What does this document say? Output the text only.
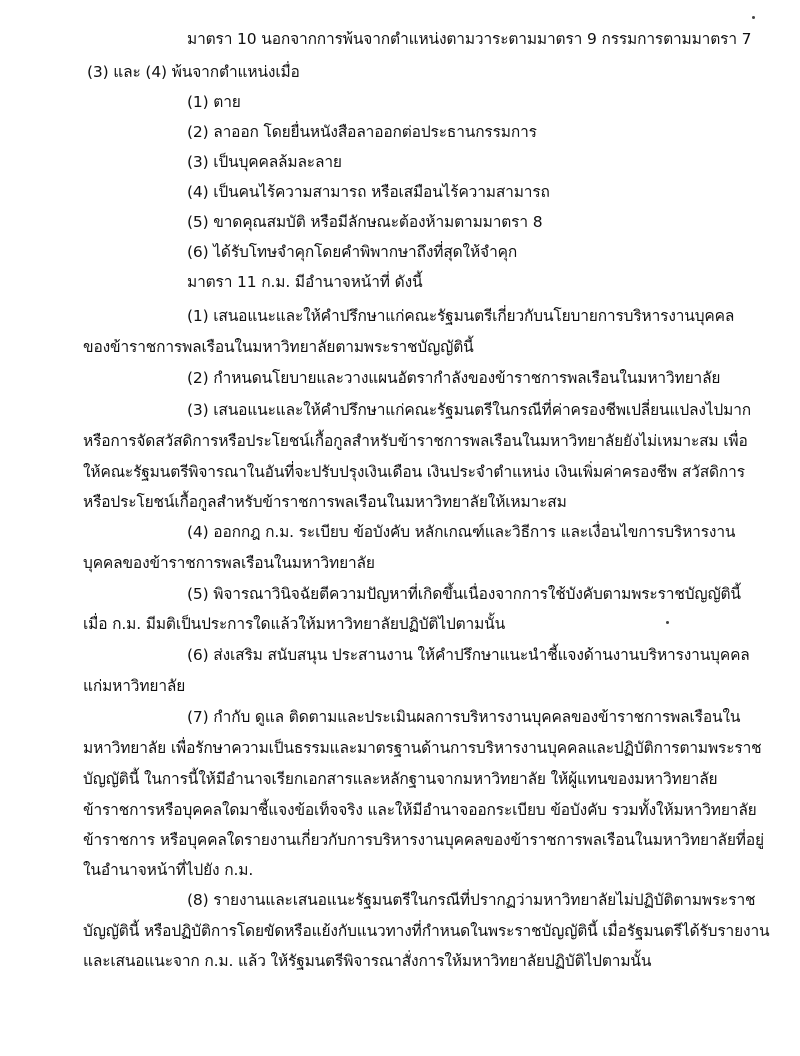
มาตรา 10 นอกจากการพ้นจากตำแหน่งตามวาระตามมาตรา 9 กรรมการตามมาตรา 7
(3) และ (4) พ้นจากตำแหน่งเมื่อ
(1) ตาย
(2) ลาออก โดยยื่นหนังสือลาออกต่อประธานกรรมการ
(3) เป็นบุคคลล้มละลาย
(4) เป็นคนไร้ความสามารถ หรือเสมือนไร้ความสามารถ
(5) ขาดคุณสมบัติ หรือมีลักษณะต้องห้ามตามมาตรา 8
(6) ได้รับโทษจำคุกโดยคำพิพากษาถึงที่สุดให้จำคุก
มาตรา 11 ก.ม. มีอำนาจหน้าที่ ดังนี้
(1) เสนอแนะและให้คำปรึกษาแก่คณะรัฐมนตรีเกี่ยวกับนโยบายการบริหารงานบุคคล
ของข้าราชการพลเรือนในมหาวิทยาลัยตามพระราชบัญญัตินี้
(2) กำหนดนโยบายและวางแผนอัตรากำลังของข้าราชการพลเรือนในมหาวิทยาลัย
(3) เสนอแนะและให้คำปรึกษาแก่คณะรัฐมนตรีในกรณีที่ค่าครองชีพเปลี่ยนแปลงไปมาก
หรือการจัดสวัสดิการหรือประโยชน์เกื้อกูลสำหรับข้าราชการพลเรือนในมหาวิทยาลัยยังไม่เหมาะสม เพื่อ
ให้คณะรัฐมนตรีพิจารณาในอันที่จะปรับปรุงเงินเดือน เงินประจำตำแหน่ง เงินเพิ่มค่าครองชีพ สวัสดิการ
หรือประโยชน์เกื้อกูลสำหรับข้าราชการพลเรือนในมหาวิทยาลัยให้เหมาะสม
(4) ออกกฎ ก.ม. ระเบียบ ข้อบังคับ หลักเกณฑ์และวิธีการ และเงื่อนไขการบริหารงาน
บุคคลของข้าราชการพลเรือนในมหาวิทยาลัย
(5) พิจารณาวินิจฉัยตีความปัญหาที่เกิดขึ้นเนื่องจากการใช้บังคับตามพระราชบัญญัตินี้
เมื่อ ก.ม. มีมติเป็นประการใดแล้วให้มหาวิทยาลัยปฏิบัติไปตามนั้น
(6) ส่งเสริม สนับสนุน ประสานงาน ให้คำปรึกษาแนะนำชี้แจงด้านงานบริหารงานบุคคล
แก่มหาวิทยาลัย
(7) กำกับ ดูแล ติดตามและประเมินผลการบริหารงานบุคคลของข้าราชการพลเรือนใน
มหาวิทยาลัย เพื่อรักษาความเป็นธรรมและมาตรฐานด้านการบริหารงานบุคคลและปฏิบัติการตามพระราช
บัญญัตินี้ ในการนี้ให้มีอำนาจเรียกเอกสารและหลักฐานจากมหาวิทยาลัย ให้ผู้แทนของมหาวิทยาลัย
ข้าราชการหรือบุคคลใดมาชี้แจงข้อเท็จจริง และให้มีอำนาจออกระเบียบ ข้อบังคับ รวมทั้งให้มหาวิทยาลัย
ข้าราชการ หรือบุคคลใดรายงานเกี่ยวกับการบริหารงานบุคคลของข้าราชการพลเรือนในมหาวิทยาลัยที่อยู่
ในอำนาจหน้าที่ไปยัง ก.ม.
(8) รายงานและเสนอแนะรัฐมนตรีในกรณีที่ปรากฏว่ามหาวิทยาลัยไม่ปฏิบัติตามพระราช
บัญญัตินี้ หรือปฏิบัติการโดยขัดหรือแย้งกับแนวทางที่กำหนดในพระราชบัญญัตินี้ เมื่อรัฐมนตรีได้รับรายงาน
และเสนอแนะจาก ก.ม. แล้ว ให้รัฐมนตรีพิจารณาสั่งการให้มหาวิทยาลัยปฏิบัติไปตามนั้น
